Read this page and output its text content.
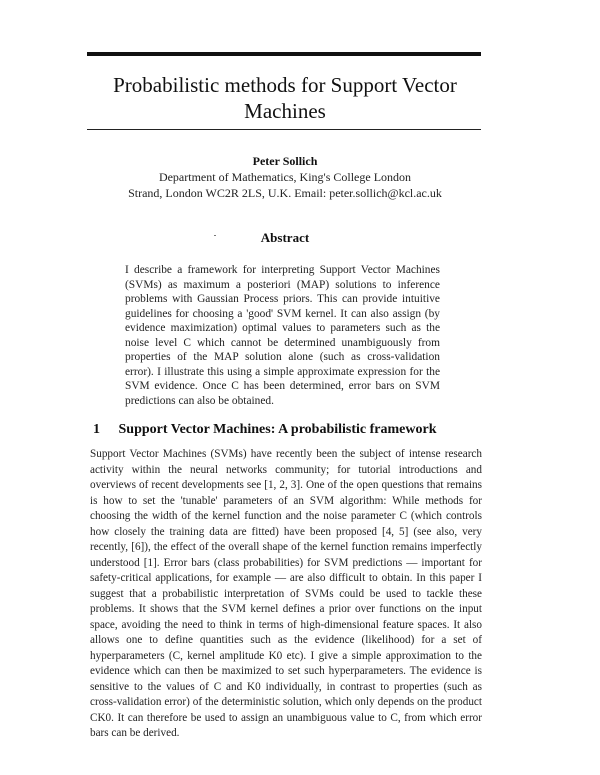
Probabilistic methods for Support Vector
Machines
Peter Sollich
Department of Mathematics, King's College London
Strand, London WC2R 2LS, U.K. Email: peter.sollich@kcl.ac.uk
Abstract

I describe a framework for interpreting Support Vector Machines (SVMs) as maximum a posteriori (MAP) solutions to inference problems with Gaussian Process priors. This can provide intuitive guidelines for choosing a 'good' SVM kernel. It can also assign (by evidence maximization) optimal values to parameters such as the noise level C which cannot be determined unambiguously from properties of the MAP solution alone (such as cross-validation error). I illustrate this using a simple approximate expression for the SVM evidence. Once C has been determined, error bars on SVM predictions can also be obtained.

1 Support Vector Machines: A probabilistic framework

Support Vector Machines (SVMs) have recently been the subject of intense research activity within the neural networks community; for tutorial introductions and overviews of recent developments see [1, 2, 3]. One of the open questions that remains is how to set the 'tunable' parameters of an SVM algorithm: While methods for choosing the width of the kernel function and the noise parameter C (which controls how closely the training data are fitted) have been proposed [4, 5] (see also, very recently, [6]), the effect of the overall shape of the kernel function remains imperfectly understood [1]. Error bars (class probabilities) for SVM predictions — important for safety-critical applications, for example — are also difficult to obtain. In this paper I suggest that a probabilistic interpretation of SVMs could be used to tackle these problems. It shows that the SVM kernel defines a prior over functions on the input space, avoiding the need to think in terms of high-dimensional feature spaces. It also allows one to define quantities such as the evidence (likelihood) for a set of hyperparameters (C, kernel amplitude K0 etc). I give a simple approximation to the evidence which can then be maximized to set such hyperparameters. The evidence is sensitive to the values of C and K0 individually, in contrast to properties (such as cross-validation error) of the deterministic solution, which only depends on the product CK0. It can therefore be used to assign an unambiguous value to C, from which error bars can be derived.
